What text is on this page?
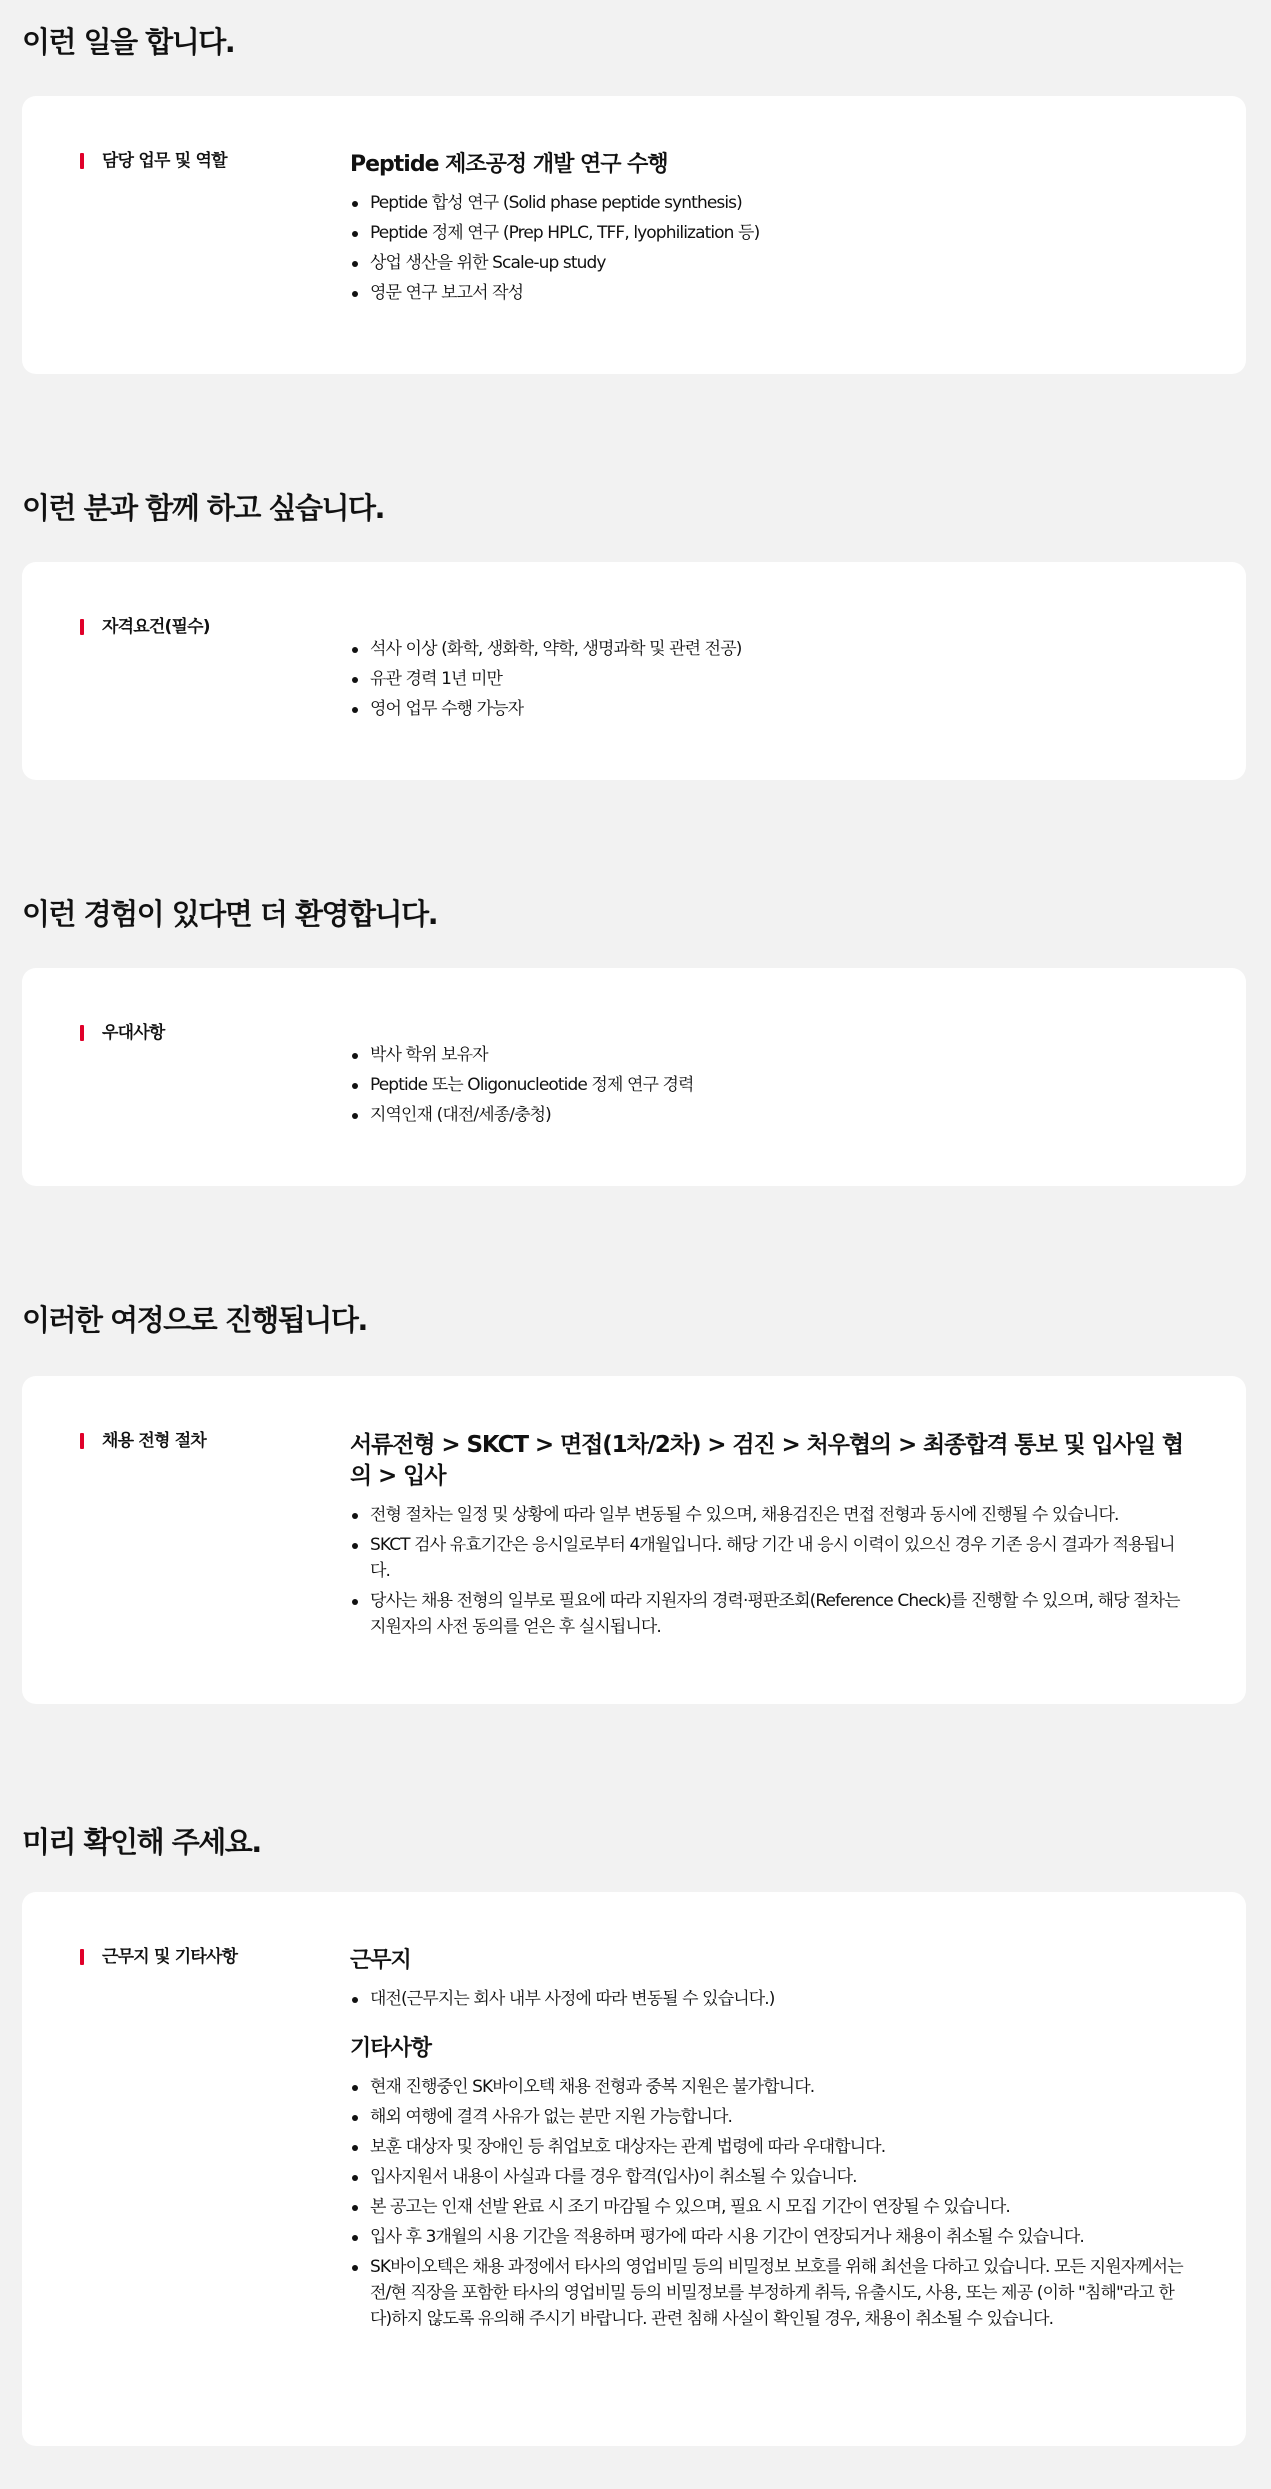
이런 일을 합니다.
담당 업무 및 역할	Peptide 제조공정 개발 연구 수행
Peptide 합성 연구 (Solid phase peptide synthesis)
Peptide 정제 연구 (Prep HPLC, TFF, lyophilization 등)
상업 생산을 위한 Scale-up study
영문 연구 보고서 작성
이런 분과 함께 하고 싶습니다.
자격요건(필수)
석사 이상 (화학, 생화학, 약학, 생명과학 및 관련 전공)
유관 경력 1년 미만
영어 업무 수행 가능자
이런 경험이 있다면 더 환영합니다.
우대사항
박사 학위 보유자
Peptide 또는 Oligonucleotide 정제 연구 경력
지역인재 (대전/세종/충청)
이러한 여정으로 진행됩니다.
채용 전형 절차	서류전형 > SKCT > 면접(1차/2차) > 검진 > 처우협의 > 최종합격 통보 및 입사일 협의 > 입사
전형 절차는 일정 및 상황에 따라 일부 변동될 수 있으며, 채용검진은 면접 전형과 동시에 진행될 수 있습니다.
SKCT 검사 유효기간은 응시일로부터 4개월입니다. 해당 기간 내 응시 이력이 있으신 경우 기존 응시 결과가 적용됩니다.
당사는 채용 전형의 일부로 필요에 따라 지원자의 경력·평판조회(Reference Check)를 진행할 수 있으며, 해당 절차는 지원자의 사전 동의를 얻은 후 실시됩니다.
미리 확인해 주세요.
근무지 및 기타사항	근무지
대전(근무지는 회사 내부 사정에 따라 변동될 수 있습니다.)
기타사항
현재 진행중인 SK바이오텍 채용 전형과 중복 지원은 불가합니다.
해외 여행에 결격 사유가 없는 분만 지원 가능합니다.
보훈 대상자 및 장애인 등 취업보호 대상자는 관계 법령에 따라 우대합니다.
입사지원서 내용이 사실과 다를 경우 합격(입사)이 취소될 수 있습니다.
본 공고는 인재 선발 완료 시 조기 마감될 수 있으며, 필요 시 모집 기간이 연장될 수 있습니다.
입사 후 3개월의 시용 기간을 적용하며 평가에 따라 시용 기간이 연장되거나 채용이 취소될 수 있습니다.
SK바이오텍은 채용 과정에서 타사의 영업비밀 등의 비밀정보 보호를 위해 최선을 다하고 있습니다. 모든 지원자께서는 전/현 직장을 포함한 타사의 영업비밀 등의 비밀정보를 부정하게 취득, 유출시도, 사용, 또는 제공 (이하 "침해"라고 한다)하지 않도록 유의해 주시기 바랍니다. 관련 침해 사실이 확인될 경우, 채용이 취소될 수 있습니다.
